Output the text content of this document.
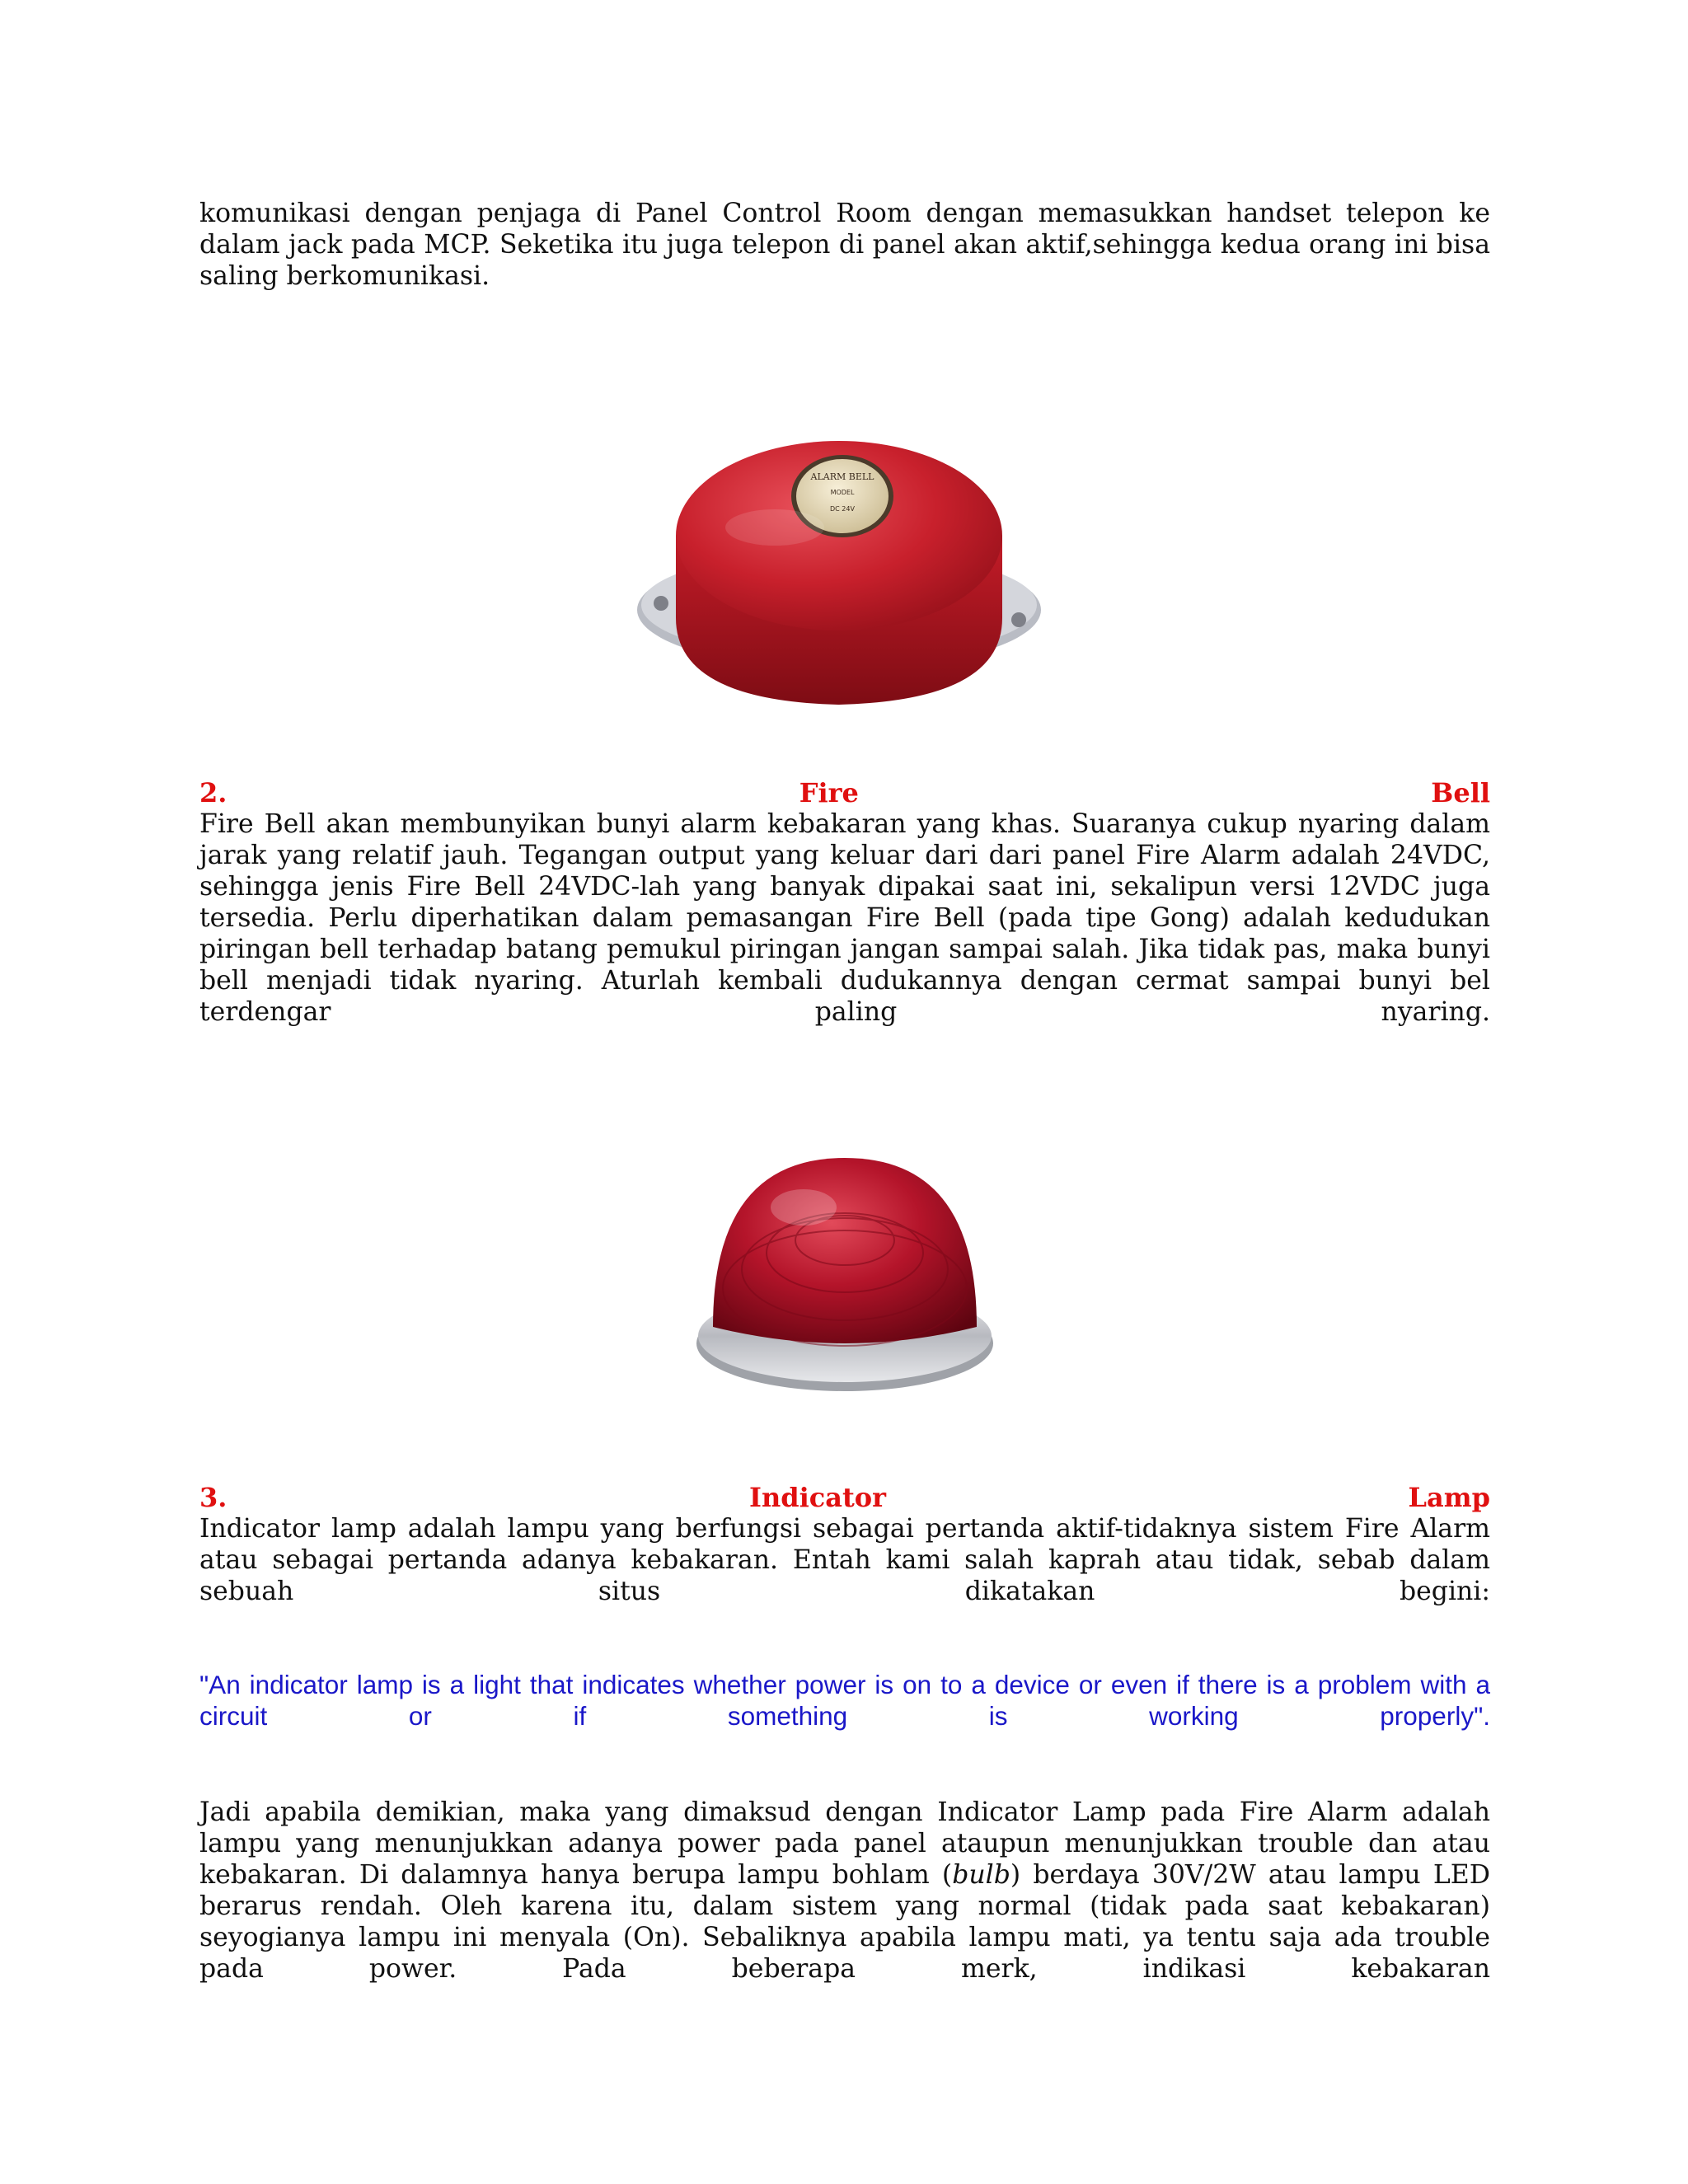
komunikasi dengan penjaga di Panel Control Room dengan memasukkan handset telepon ke dalam jack pada MCP. Seketika itu juga telepon di panel akan aktif,sehingga kedua orang ini bisa saling berkomunikasi.

ALARM BELL
MODEL
DC 24V
2.	Fire	Bell

Fire Bell akan membunyikan bunyi alarm kebakaran yang khas. Suaranya cukup nyaring dalam jarak yang relatif jauh. Tegangan output yang keluar dari dari panel Fire Alarm adalah 24VDC, sehingga jenis Fire Bell 24VDC-lah yang banyak dipakai saat ini, sekalipun versi 12VDC juga tersedia. Perlu diperhatikan dalam pemasangan Fire Bell (pada tipe Gong) adalah kedudukan piringan bell terhadap batang pemukul piringan jangan sampai salah. Jika tidak pas, maka bunyi bell menjadi tidak nyaring. Aturlah kembali dudukannya dengan cermat sampai bunyi bel terdengar paling nyaring.

3.	Indicator	Lamp

Indicator lamp adalah lampu yang berfungsi sebagai pertanda aktif-tidaknya sistem Fire Alarm atau sebagai pertanda adanya kebakaran. Entah kami salah kaprah atau tidak, sebab dalam sebuah situs dikatakan begini:

"An indicator lamp is a light that indicates whether power is on to a device or even if there is a problem with a circuit or if something is working properly".

Jadi apabila demikian, maka yang dimaksud dengan Indicator Lamp pada Fire Alarm adalah lampu yang menunjukkan adanya power pada panel ataupun menunjukkan trouble dan atau kebakaran. Di dalamnya hanya berupa lampu bohlam (bulb) berdaya 30V/2W atau lampu LED berarus rendah. Oleh karena itu, dalam sistem yang normal (tidak pada saat kebakaran) seyogianya lampu ini menyala (On). Sebaliknya apabila lampu mati, ya tentu saja ada trouble pada power. Pada beberapa merk, indikasi kebakaran
